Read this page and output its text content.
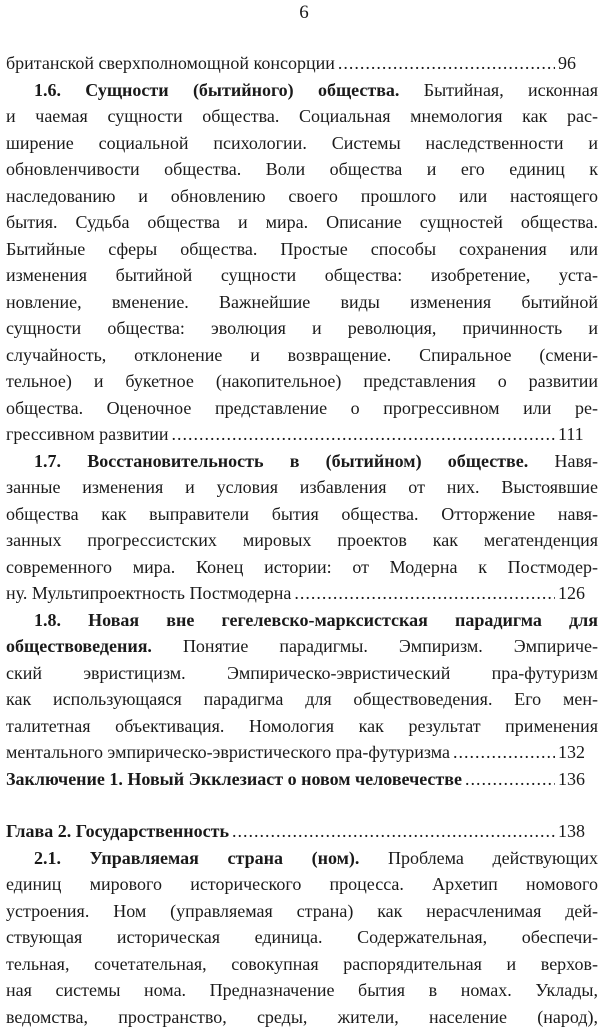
6
британской сверхполномощной консорции .....	96
1.6. Сущности (бытийного) общества. Бытийная, исконная
и чаемая сущности общества. Социальная мнемология как рас-
ширение социальной психологии. Системы наследственности и
обновленчивости общества. Воли общества и его единиц к
наследованию и обновлению своего прошлого или настоящего
бытия. Судьба общества и мира. Описание сущностей общества.
Бытийные сферы общества. Простые способы сохранения или
изменения бытийной сущности общества: изобретение, уста-
новление, вменение. Важнейшие виды изменения бытийной
сущности общества: эволюция и революция, причинность и
случайность, отклонение и возвращение. Спиральное (смени-
тельное) и букетное (накопительное) представления о развитии
общества. Оценочное представление о прогрессивном или ре-
грессивном развитии .....	111
1.7. Восстановительность в (бытийном) обществе. Навя-
занные изменения и условия избавления от них. Выстоявшие
общества как выправители бытия общества. Отторжение навя-
занных прогрессистских мировых проектов как мегатенденция
современного мира. Конец истории: от Модерна к Постмодер-
ну. Мультипроектность Постмодерна .....	126
1.8. Новая вне гегелевско-марксистская парадигма для
обществоведения. Понятие парадигмы. Эмпиризм. Эмпириче-
ский эвристицизм. Эмпирическо-эвристический пра-футуризм
как использующаяся парадигма для обществоведения. Его мен-
талитетная объективация. Номология как результат применения
ментального эмпирическо-эвристического пра-футуризма .....	132
Заключение 1. Новый Экклезиаст о новом человечестве .....	136
Глава 2. Государственность .....	138
2.1. Управляемая страна (ном). Проблема действующих
единиц мирового исторического процесса. Архетип номового
устроения. Ном (управляемая страна) как нерасчленимая дей-
ствующая историческая единица. Содержательная, обеспечи-
тельная, сочетательная, совокупная распорядительная и верхов-
ная системы нома. Предназначение бытия в номах. Уклады,
ведомства, пространство, среды, жители, население (народ),
